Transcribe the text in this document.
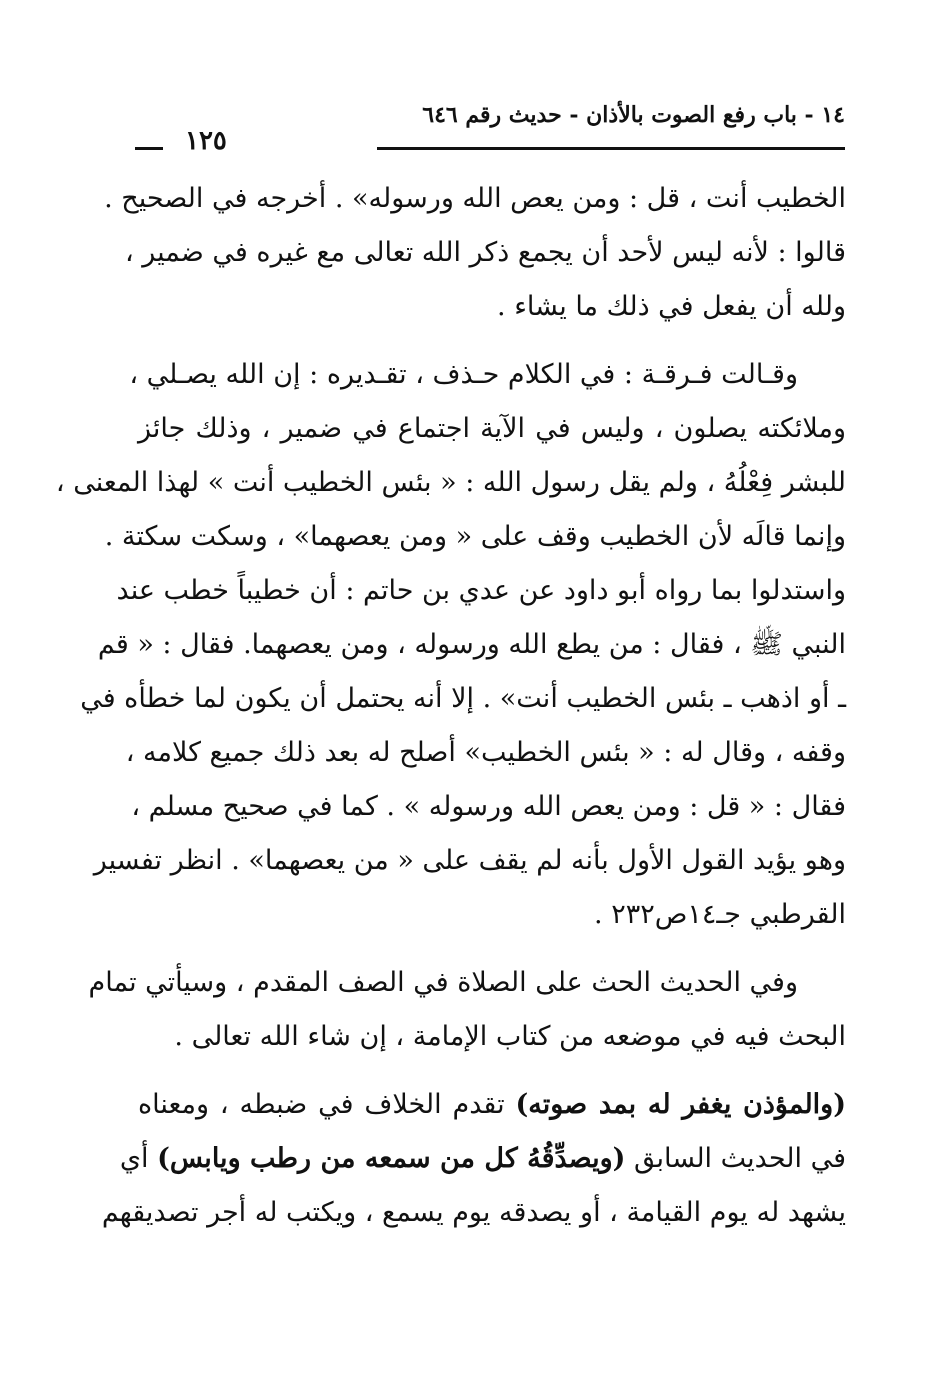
١٤ - باب رفع الصوت بالأذان - حديث رقم ٦٤٦
١٢٥
الخطيب أنت ، قل : ومن يعص الله ورسوله» . أخرجه في الصحيح .
قالوا : لأنه ليس لأحد أن يجمع ذكر الله تعالى مع غيره في ضمير ،
ولله أن يفعل في ذلك ما يشاء .
وقـالت فـرقـة : في الكلام حـذف ، تقـديره : إن الله يصـلي ،
وملائكته يصلون ، وليس في الآية اجتماع في ضمير ، وذلك جائز
للبشر فِعْلُهُ ، ولم يقل رسول الله : « بئس الخطيب أنت » لهذا المعنى ،
وإنما قالَه لأن الخطيب وقف على « ومن يعصهما» ، وسكت سكتة .
واستدلوا بما رواه أبو داود عن عدي بن حاتم : أن خطيباً خطب عند
النبي ﷺ ، فقال : من يطع الله ورسوله ، ومن يعصهما. فقال : « قم
ـ أو اذهب ـ بئس الخطيب أنت» . إلا أنه يحتمل أن يكون لما خطأه في
وقفه ، وقال له : « بئس الخطيب» أصلح له بعد ذلك جميع كلامه ،
فقال : « قل : ومن يعص الله ورسوله » . كما في صحيح مسلم ،
وهو يؤيد القول الأول بأنه لم يقف على « من يعصهما» . انظر تفسير
القرطبي جـ١٤ص٢٣٢ .
وفي الحديث الحث على الصلاة في الصف المقدم ، وسيأتي تمام
البحث فيه في موضعه من كتاب الإمامة ، إن شاء الله تعالى .
(والمؤذن يغفر له بمد صوته) تقدم الخلاف في ضبطه ، ومعناه
في الحديث السابق (ويصدِّقُهُ كل من سمعه من رطب ويابس) أي
يشهد له يوم القيامة ، أو يصدقه يوم يسمع ، ويكتب له أجر تصديقهم
